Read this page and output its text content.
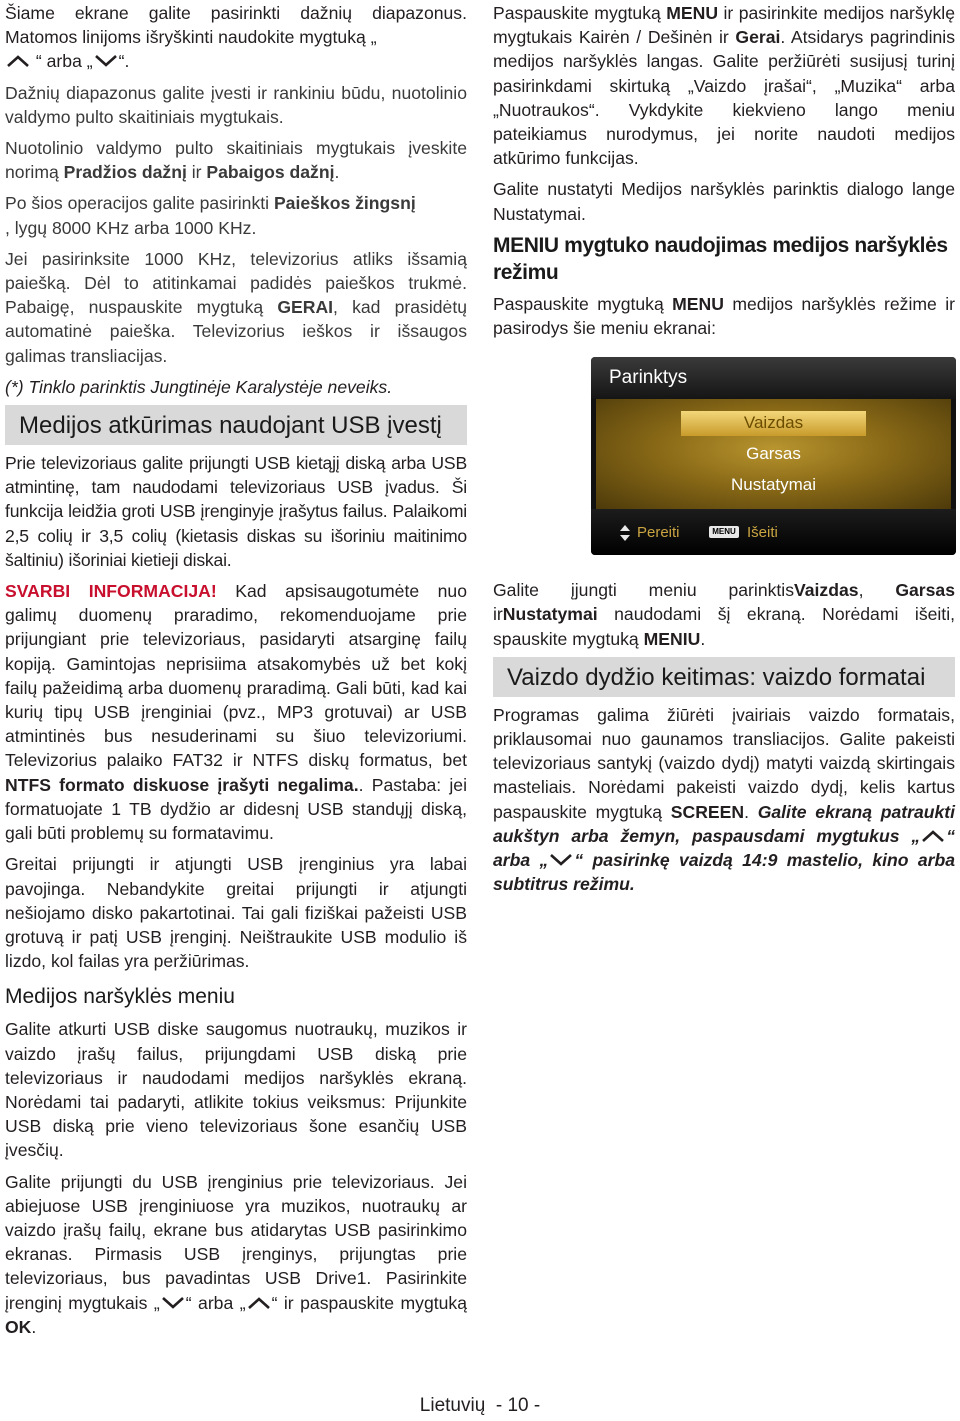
Šiame ekrane galite pasirinkti dažnių diapazonus. Matomos linijoms išryškinti naudokite mygtuką „

“ arba „ “.

Dažnių diapazonus galite įvesti ir rankiniu būdu, nuotolinio valdymo pulto skaitiniais mygtukais.

Nuotolinio valdymo pulto skaitiniais mygtukais įveskite norimą Pradžios dažnį ir Pabaigos dažnį.

Po šios operacijos galite pasirinkti Paieškos žingsnį
, lygų 8000 KHz arba 1000 KHz.

Jei pasirinksite 1000 KHz, televizorius atliks išsamią paiešką. Dėl to atitinkamai padidės paieškos trukmė. Pabaigę, nuspauskite mygtuką GERAI, kad prasidėtų automatinė paieška. Televizorius ieškos ir išsaugos galimas transliacijas.

(*) Tinklo parinktis Jungtinėje Karalystėje neveiks.

Medijos atkūrimas naudojant USB įvestį

Prie televizoriaus galite prijungti USB kietąjį diską arba USB atmintinę, tam naudodami televizoriaus USB įvadus. Ši funkcija leidžia groti USB įrenginyje įrašytus failus. Palaikomi 2,5 colių ir 3,5 colių (kietasis diskas su išoriniu maitinimo šaltiniu) išoriniai kietieji diskai.

SVARBI INFORMACIJA! Kad apsisaugotumėte nuo galimų duomenų praradimo, rekomenduojame prie prijungiant prie televizoriaus, pasidaryti atsarginę failų kopiją. Gamintojas neprisiima atsakomybės už bet kokį failų pažeidimą arba duomenų praradimą. Gali būti, kad kai kurių tipų USB įrenginiai (pvz., MP3 grotuvai) ar USB atmintinės bus nesuderinami su šiuo televizoriumi. Televizorius palaiko FAT32 ir NTFS diskų formatus, bet NTFS formato diskuose įrašyti negalima.. Pastaba: jei formatuojate 1 TB dydžio ar didesnį USB standųjį diską, gali būti problemų su formatavimu.

Greitai prijungti ir atjungti USB įrenginius yra labai pavojinga. Nebandykite greitai prijungti ir atjungti nešiojamo disko pakartotinai. Tai gali fiziškai pažeisti USB grotuvą ir patį USB įrenginį. Neištraukite USB modulio iš lizdo, kol failas yra peržiūrimas.

Medijos naršyklės meniu

Galite atkurti USB diske saugomus nuotraukų, muzikos ir vaizdo įrašų failus, prijungdami USB diską prie televizoriaus ir naudodami medijos naršyklės ekraną. Norėdami tai padaryti, atlikite tokius veiksmus: Prijunkite USB diską prie vieno televizoriaus šone esančių USB įvesčių.

Galite prijungti du USB įrenginius prie televizoriaus. Jei abiejuose USB įrenginiuose yra muzikos, nuotraukų ar vaizdo įrašų failų, ekrane bus atidarytas USB pasirinkimo ekranas. Pirmasis USB įrenginys, prijungtas prie televizoriaus, bus pavadintas USB Drive1. Pasirinkite įrenginį mygtukais „ “ arba „ “ ir paspauskite mygtuką OK.

Paspauskite mygtuką MENU ir pasirinkite medijos naršyklę mygtukais Kairėn / Dešinėn ir Gerai. Atsidarys pagrindinis medijos naršyklės langas. Galite peržiūrėti susijusį turinį pasirinkdami skirtuką „Vaizdo įrašai“, „Muzika“ arba „Nuotraukos“. Vykdykite kiekvieno lango meniu pateikiamus nurodymus, jei norite naudoti medijos atkūrimo funkcijas.

Galite nustatyti Medijos naršyklės parinktis dialogo lange Nustatymai.

MENIU mygtuko naudojimas medijos naršyklės režimu

Paspauskite mygtuką MENU medijos naršyklės režime ir pasirodys šie meniu ekranai:

Galite įjungti meniu parinktisVaizdas, Garsas irNustatymai naudodami šį ekraną. Norėdami išeiti, spauskite mygtuką MENIU.

Vaizdo dydžio keitimas: vaizdo formatai

Programas galima žiūrėti įvairiais vaizdo formatais, priklausomai nuo gaunamos transliacijos. Galite pakeisti televizoriaus santykį (vaizdo dydį) matyti vaizdą skirtingais masteliais. Norėdami pakeisti vaizdo dydį, kelis kartus paspauskite mygtuką SCREEN. Galite ekraną patraukti aukštyn arba žemyn, paspausdami mygtukus „ “ arba „ “ pasirinkę vaizdą 14:9 mastelio, kino arba subtitrus režimu.

Parinktys
Vaizdas
Garsas
Nustatymai
Pereiti	MENU Išeiti
Lietuvių - 10 -
